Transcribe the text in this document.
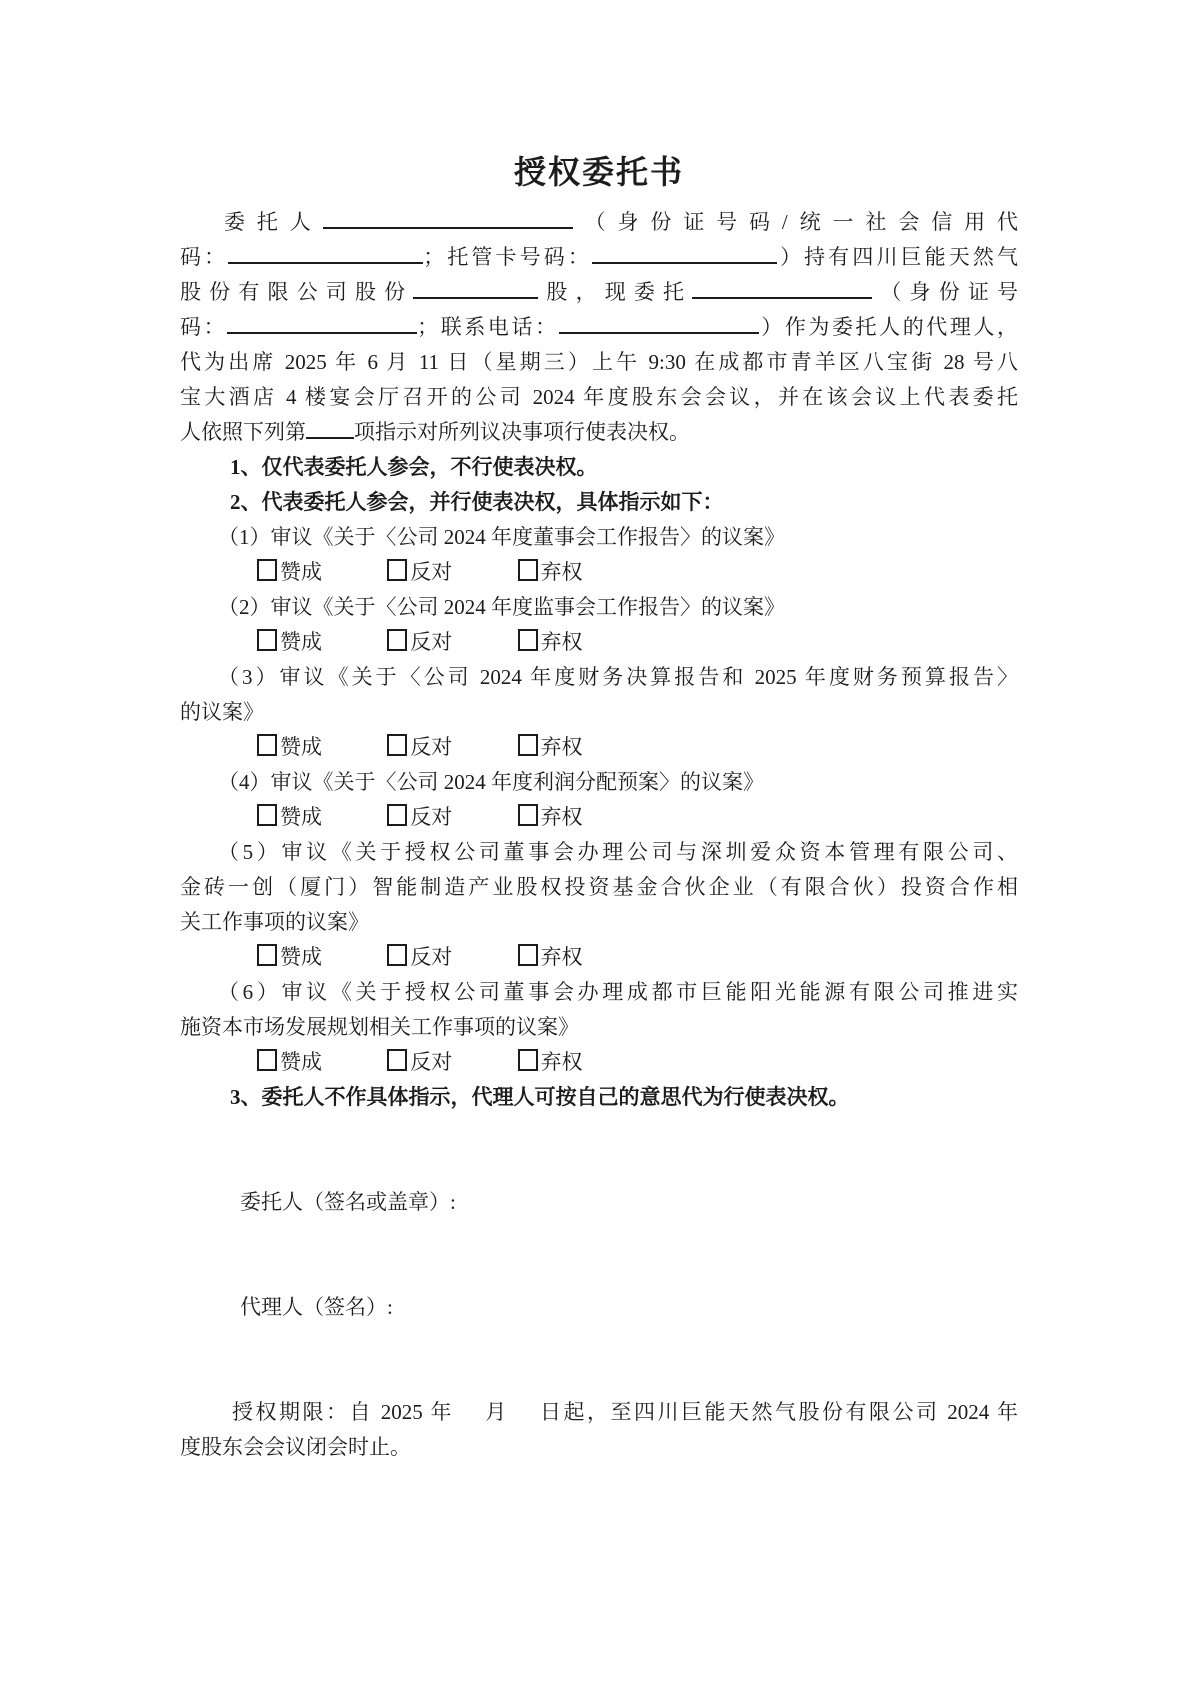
授权委托书
委托人	（身份证号码/统一社会信用代
码：	；托管卡号码：	）持有四川巨能天然气
股份有限公司股份	股，现委托	（身份证号
码：	；联系电话：	）作为委托人的代理人，
代为出席 2025 年 6 月 11 日（星期三）上午 9:30 在成都市青羊区八宝街 28 号八
宝大酒店 4 楼宴会厅召开的公司 2024 年度股东会会议，并在该会议上代表委托
人依照下列第 项指示对所列议决事项行使表决权。
1、仅代表委托人参会，不行使表决权。
2、代表委托人参会，并行使表决权，具体指示如下：
（1）审议《关于〈公司 2024 年度董事会工作报告〉的议案》
赞成	反对	弃权
（2）审议《关于〈公司 2024 年度监事会工作报告〉的议案》
赞成	反对	弃权
（3）审议《关于〈公司 2024 年度财务决算报告和 2025 年度财务预算报告〉
的议案》
赞成	反对	弃权
（4）审议《关于〈公司 2024 年度利润分配预案〉的议案》
赞成	反对	弃权
（5）审议《关于授权公司董事会办理公司与深圳爱众资本管理有限公司、
金砖一创（厦门）智能制造产业股权投资基金合伙企业（有限合伙）投资合作相
关工作事项的议案》
赞成	反对	弃权
（6）审议《关于授权公司董事会办理成都市巨能阳光能源有限公司推进实
施资本市场发展规划相关工作事项的议案》
赞成	反对	弃权
3、委托人不作具体指示，代理人可按自己的意思代为行使表决权。
委托人（签名或盖章）:
代理人（签名）:
授权期限：自 2025 年　 月　 日起，至四川巨能天然气股份有限公司 2024 年
度股东会会议闭会时止。
